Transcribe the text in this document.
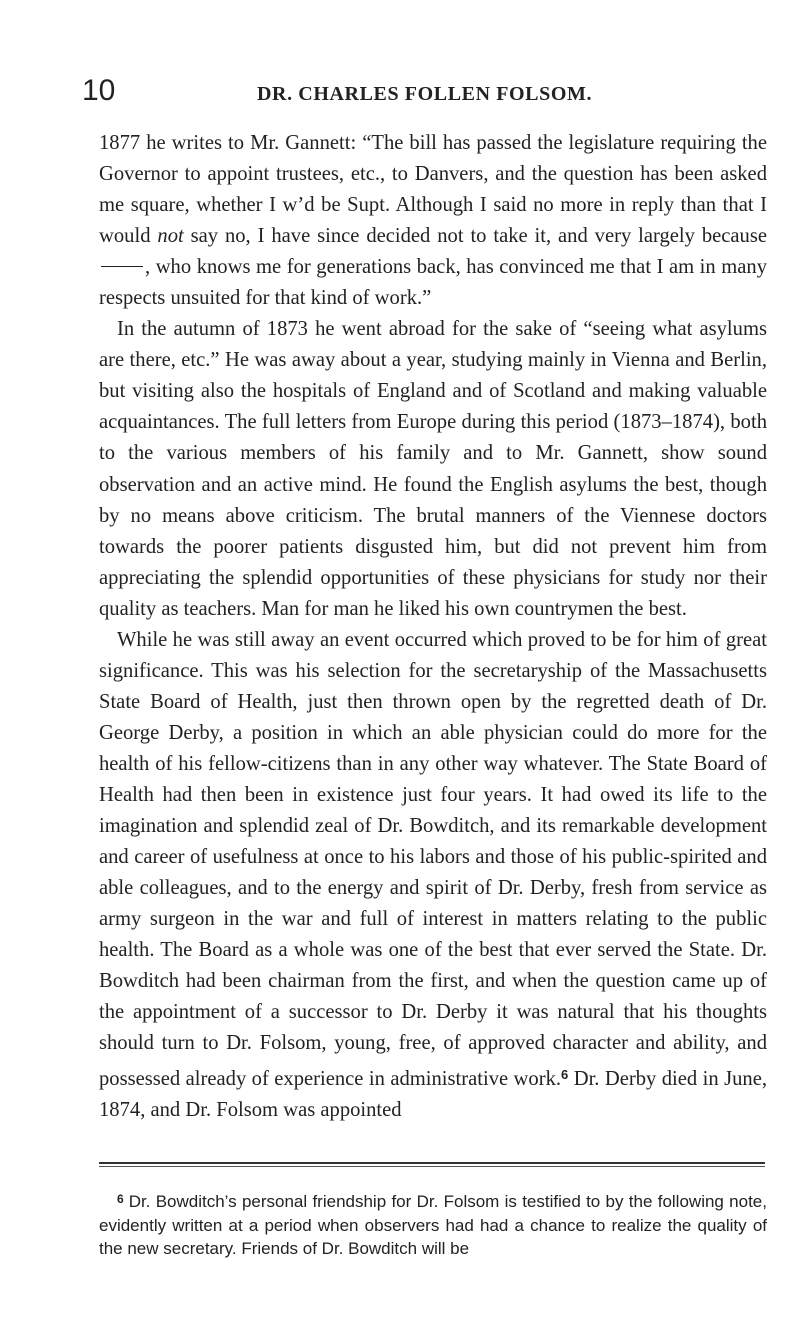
10	DR. CHARLES FOLLEN FOLSOM.

1877 he writes to Mr. Gannett: “The bill has passed the legislature requiring the Governor to appoint trustees, etc., to Danvers, and the question has been asked me square, whether I w’d be Supt. Although I said no more in reply than that I would not say no, I have since decided not to take it, and very largely because , who knows me for generations back, has convinced me that I am in many respects unsuited for that kind of work.”

In the autumn of 1873 he went abroad for the sake of “seeing what asylums are there, etc.” He was away about a year, studying mainly in Vienna and Berlin, but visiting also the hospitals of England and of Scotland and making valuable acquaintances. The full letters from Europe during this period (1873–1874), both to the various members of his family and to Mr. Gannett, show sound observation and an active mind. He found the English asylums the best, though by no means above criticism. The brutal manners of the Viennese doctors towards the poorer patients disgusted him, but did not prevent him from appreciating the splendid opportunities of these physicians for study nor their quality as teachers. Man for man he liked his own countrymen the best.

While he was still away an event occurred which proved to be for him of great significance. This was his selection for the secretaryship of the Massachusetts State Board of Health, just then thrown open by the regretted death of Dr. George Derby, a position in which an able physician could do more for the health of his fellow-citizens than in any other way whatever. The State Board of Health had then been in existence just four years. It had owed its life to the imagination and splendid zeal of Dr. Bowditch, and its remarkable development and career of usefulness at once to his labors and those of his public-spirited and able colleagues, and to the energy and spirit of Dr. Derby, fresh from service as army surgeon in the war and full of interest in matters relating to the public health. The Board as a whole was one of the best that ever served the State. Dr. Bowditch had been chairman from the first, and when the question came up of the appointment of a successor to Dr. Derby it was natural that his thoughts should turn to Dr. Folsom, young, free, of approved character and ability, and possessed already of experience in administrative work.$^6$ Dr. Derby died in June, 1874, and Dr. Folsom was appointed

$^6$ Dr. Bowditch’s personal friendship for Dr. Folsom is testified to by the following note, evidently written at a period when observers had had a chance to realize the quality of the new secretary. Friends of Dr. Bowditch will be
